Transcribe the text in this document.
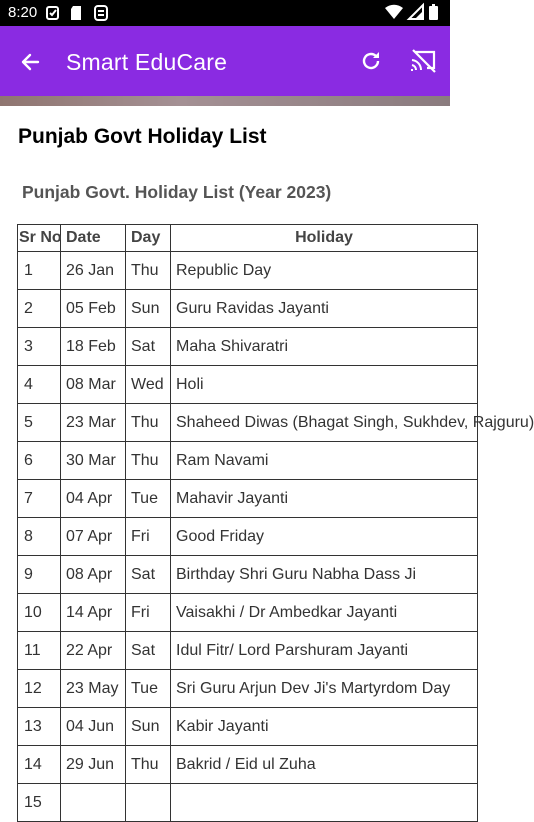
8:20
Smart EduCare
Punjab Govt Holiday List
Punjab Govt. Holiday List (Year 2023)
Sr No	Date	Day	Holiday
1	26 Jan	Thu	Republic Day
2	05 Feb	Sun	Guru Ravidas Jayanti
3	18 Feb	Sat	Maha Shivaratri
4	08 Mar	Wed	Holi
5	23 Mar	Thu	Shaheed Diwas (Bhagat Singh, Sukhdev, Rajguru)
6	30 Mar	Thu	Ram Navami
7	04 Apr	Tue	Mahavir Jayanti
8	07 Apr	Fri	Good Friday
9	08 Apr	Sat	Birthday Shri Guru Nabha Dass Ji
10	14 Apr	Fri	Vaisakhi / Dr Ambedkar Jayanti
11	22 Apr	Sat	Idul Fitr/ Lord Parshuram Jayanti
12	23 May	Tue	Sri Guru Arjun Dev Ji's Martyrdom Day
13	04 Jun	Sun	Kabir Jayanti
14	29 Jun	Thu	Bakrid / Eid ul Zuha
15			
